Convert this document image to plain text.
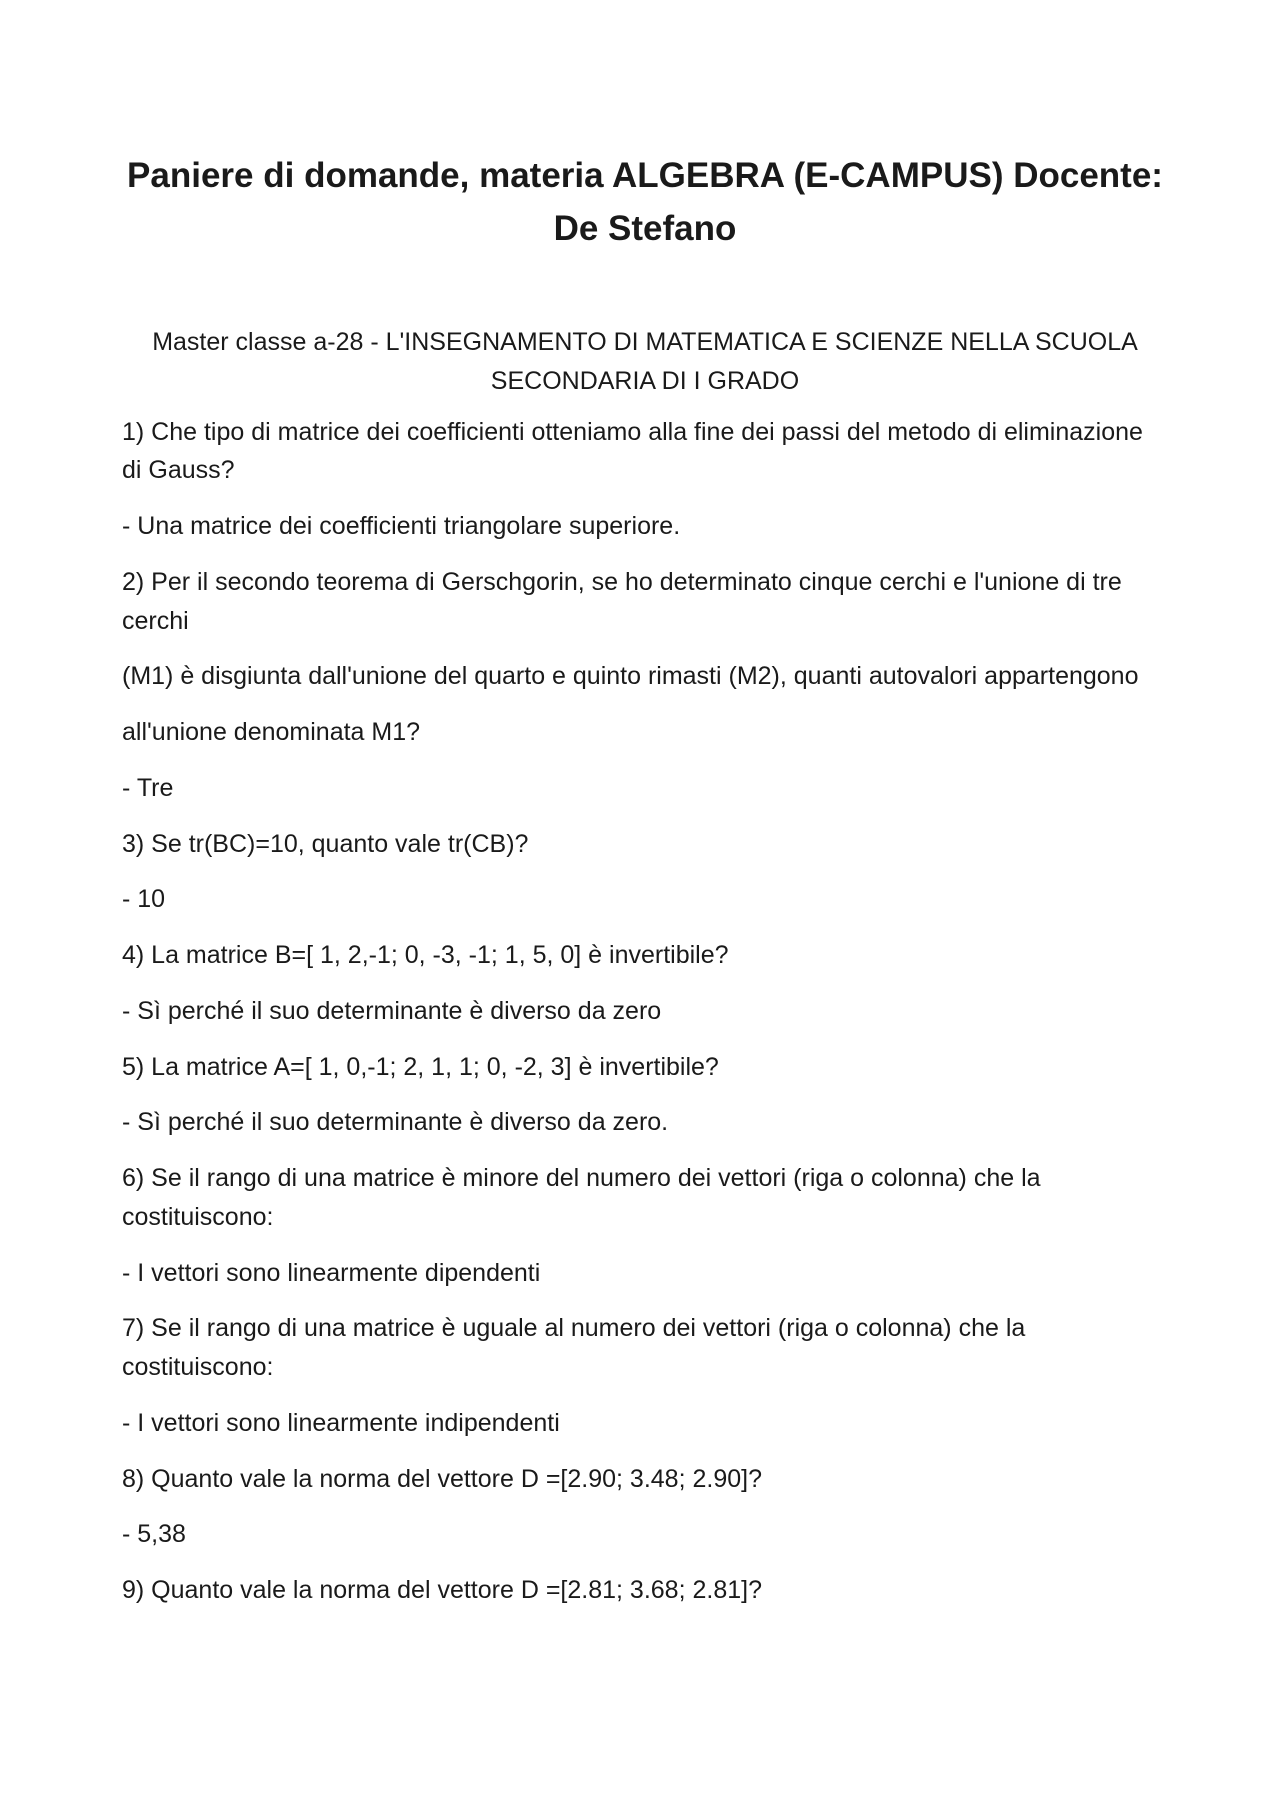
Paniere di domande, materia ALGEBRA (E-CAMPUS) Docente: De Stefano

Master classe a-28 - L'INSEGNAMENTO DI MATEMATICA E SCIENZE NELLA SCUOLA SECONDARIA DI I GRADO

1) Che tipo di matrice dei coefficienti otteniamo alla fine dei passi del metodo di eliminazione di Gauss?

- Una matrice dei coefficienti triangolare superiore.

2) Per il secondo teorema di Gerschgorin, se ho determinato cinque cerchi e l'unione di tre cerchi

(M1) è disgiunta dall'unione del quarto e quinto rimasti (M2), quanti autovalori appartengono

all'unione denominata M1?

- Tre

3) Se tr(BC)=10, quanto vale tr(CB)?

- 10

4) La matrice B=[ 1, 2,-1; 0, -3, -1; 1, 5, 0] è invertibile?

- Sì perché il suo determinante è diverso da zero

5) La matrice A=[ 1, 0,-1; 2, 1, 1; 0, -2, 3] è invertibile?

- Sì perché il suo determinante è diverso da zero.

6) Se il rango di una matrice è minore del numero dei vettori (riga o colonna) che la costituiscono:

- I vettori sono linearmente dipendenti

7) Se il rango di una matrice è uguale al numero dei vettori (riga o colonna) che la costituiscono:

- I vettori sono linearmente indipendenti

8) Quanto vale la norma del vettore D =[2.90; 3.48; 2.90]?

- 5,38

9) Quanto vale la norma del vettore D =[2.81; 3.68; 2.81]?
